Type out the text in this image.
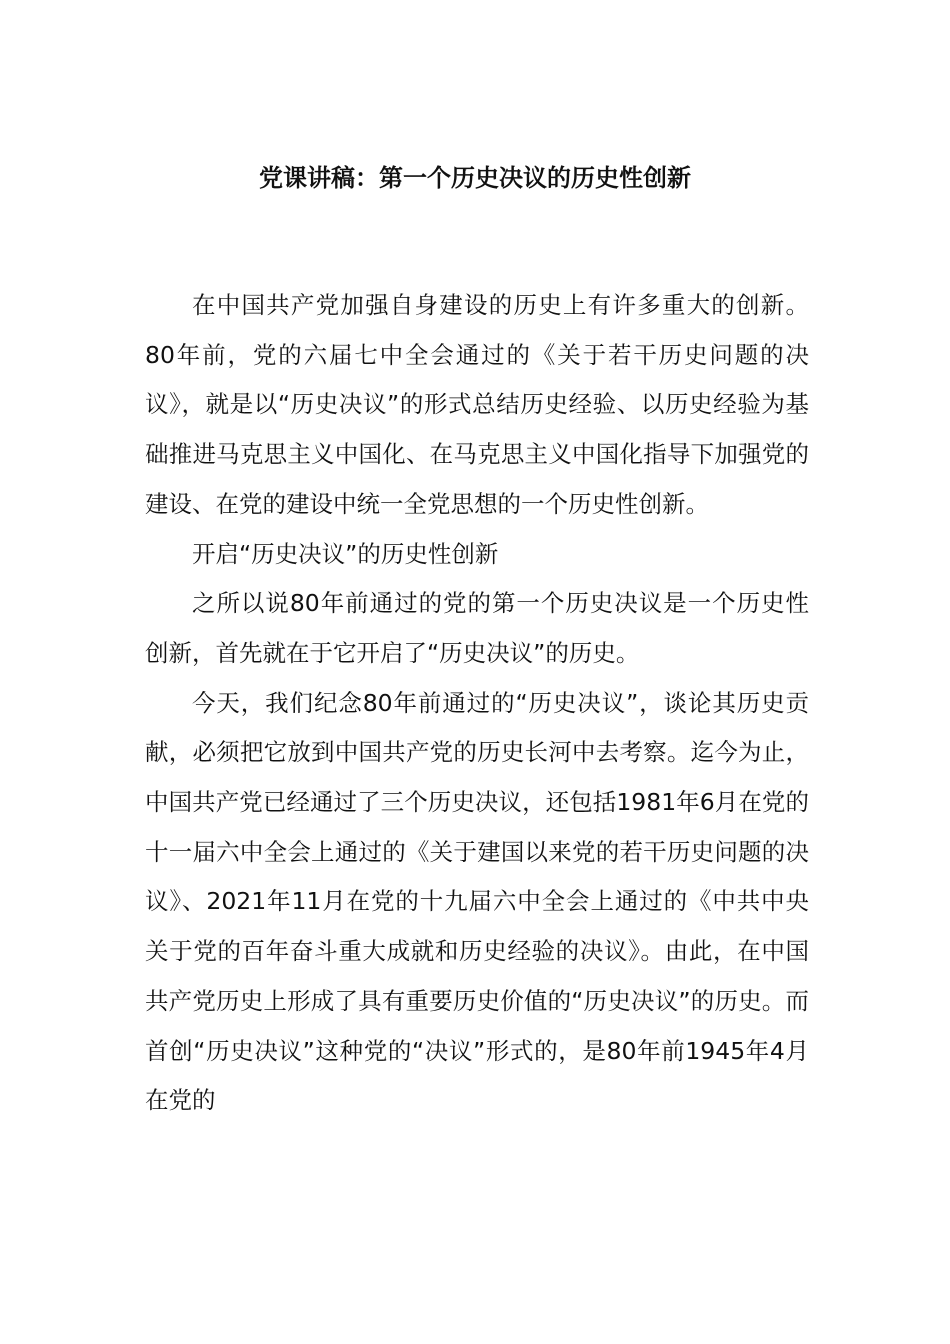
党课讲稿：第一个历史决议的历史性创新

在中国共产党加强自身建设的历史上有许多重大的创新。80年前，党的六届七中全会通过的《关于若干历史问题的决议》，就是以“历史决议”的形式总结历史经验、以历史经验为基础推进马克思主义中国化、在马克思主义中国化指导下加强党的建设、在党的建设中统一全党思想的一个历史性创新。

开启“历史决议”的历史性创新

之所以说80年前通过的党的第一个历史决议是一个历史性创新，首先就在于它开启了“历史决议”的历史。

今天，我们纪念80年前通过的“历史决议”，谈论其历史贡献，必须把它放到中国共产党的历史长河中去考察。迄今为止，中国共产党已经通过了三个历史决议，还包括1981年6月在党的十一届六中全会上通过的《关于建国以来党的若干历史问题的决议》、2021年11月在党的十九届六中全会上通过的《中共中央关于党的百年奋斗重大成就和历史经验的决议》。由此，在中国共产党历史上形成了具有重要历史价值的“历史决议”的历史。而首创“历史决议”这种党的“决议”形式的，是80年前1945年4月在党的
